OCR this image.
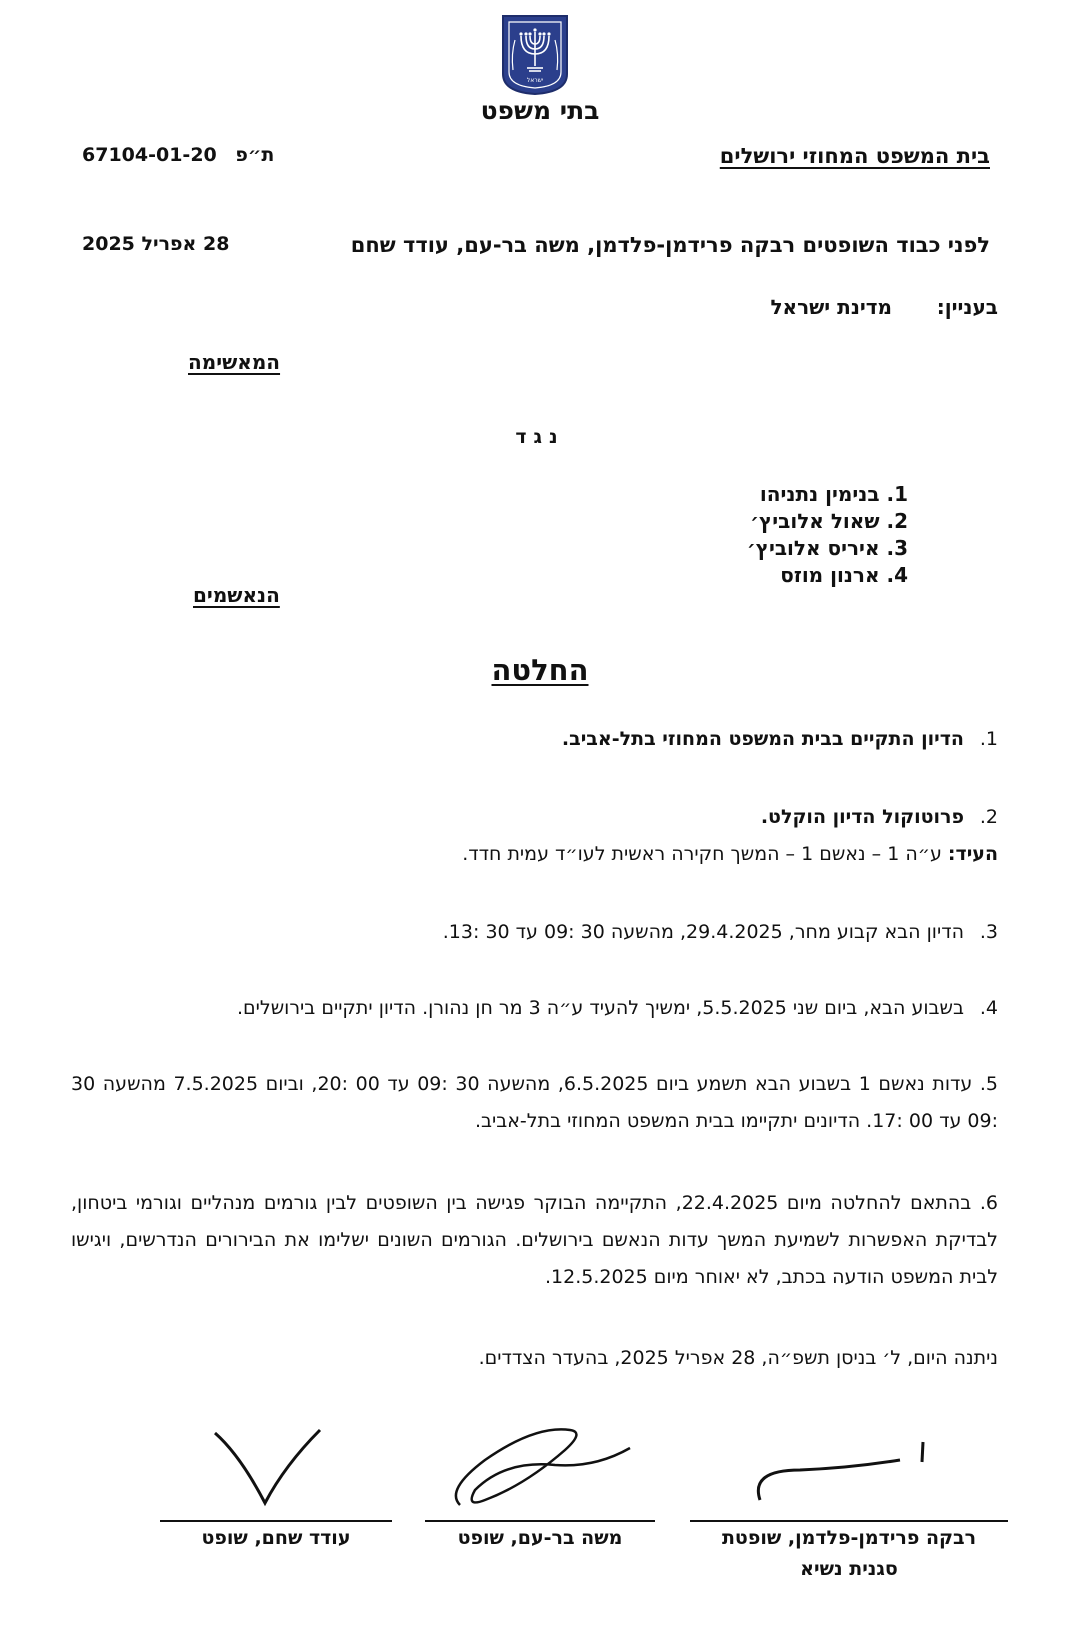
ישראל
בתי משפט
בית המשפט המחוזי ירושלים
67104-01-20 ת״פ
לפני כבוד השופטים רבקה פרידמן-פלדמן, משה בר-עם, עודד שחם
28 אפריל 2025
בעניין:
מדינת ישראל
המאשימה
נגד
1. בנימין נתניהו
2. שאול אלוביץ׳
3. איריס אלוביץ׳
4. ארנון מוזס
הנאשמים
החלטה
1.הדיון התקיים בבית המשפט המחוזי בתל-אביב.
2.פרוטוקול הדיון הוקלט.
העיד: ע״ה 1 – נאשם 1 – המשך חקירה ראשית לעו״ד עמית חדד.
3.הדיון הבא קבוע מחר, 29.4.2025, מהשעה 30 :09 עד 30 :13.
4.בשבוע הבא, ביום שני 5.5.2025, ימשיך להעיד ע״ה 3 מר חן נהורן. הדיון יתקיים בירושלים.

5. עדות נאשם 1 בשבוע הבא תשמע ביום 6.5.2025, מהשעה 30 :09 עד 00 :20, וביום 7.5.2025 מהשעה 30 :09 עד 00 :17. הדיונים יתקיימו בבית המשפט המחוזי בתל-אביב.

6. בהתאם להחלטה מיום 22.4.2025, התקיימה הבוקר פגישה בין השופטים לבין גורמים מנהליים וגורמי ביטחון, לבדיקת האפשרות לשמיעת המשך עדות הנאשם בירושלים. הגורמים השונים ישלימו את הבירורים הנדרשים, ויגישו לבית המשפט הודעה בכתב, לא יאוחר מיום 12.5.2025.

ניתנה היום, ל׳ בניסן תשפ״ה, 28 אפריל 2025, בהעדר הצדדים.
רבקה פרידמן-פלדמן, שופטת
סגנית נשיא
משה בר-עם, שופט
עודד שחם, שופט
